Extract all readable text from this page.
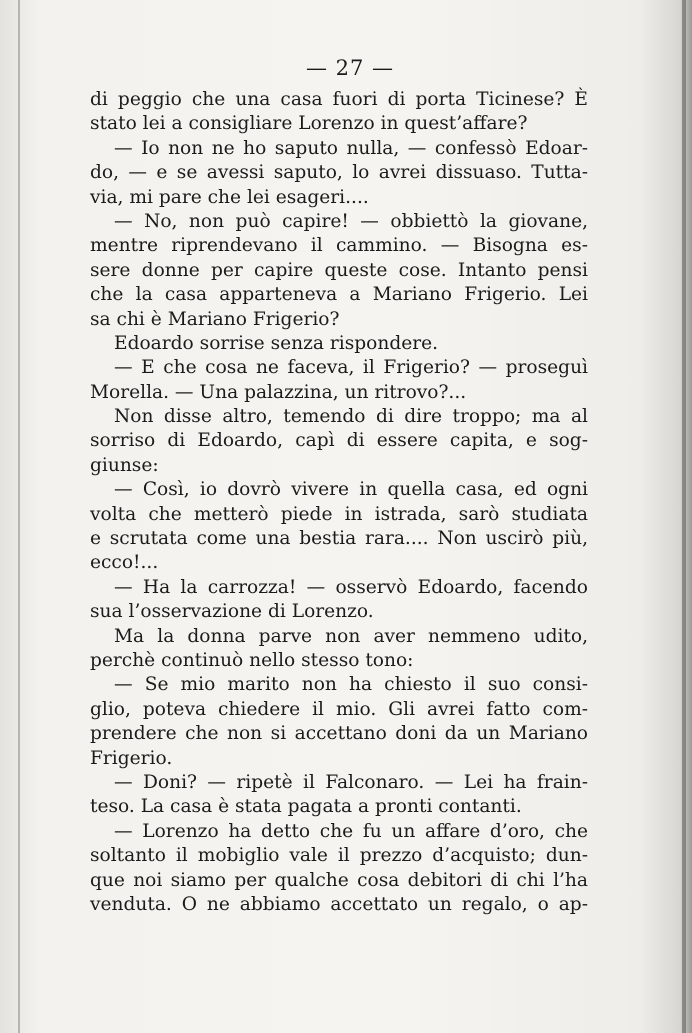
— 27 —
di peggio che una casa fuori di porta Ticinese? È
stato lei a consigliare Lorenzo in quest’affare?
— Io non ne ho saputo nulla, — confessò Edoar-
do, — e se avessi saputo, lo avrei dissuaso. Tutta-
via, mi pare che lei esageri....
— No, non può capire! — obbiettò la giovane,
mentre riprendevano il cammino. — Bisogna es-
sere donne per capire queste cose. Intanto pensi
che la casa apparteneva a Mariano Frigerio. Lei
sa chi è Mariano Frigerio?
Edoardo sorrise senza rispondere.
— E che cosa ne faceva, il Frigerio? — proseguì
Morella. — Una palazzina, un ritrovo?...
Non disse altro, temendo di dire troppo; ma al
sorriso di Edoardo, capì di essere capita, e sog-
giunse:
— Così, io dovrò vivere in quella casa, ed ogni
volta che metterò piede in istrada, sarò studiata
e scrutata come una bestia rara.... Non uscirò più,
ecco!...
— Ha la carrozza! — osservò Edoardo, facendo
sua l’osservazione di Lorenzo.
Ma la donna parve non aver nemmeno udito,
perchè continuò nello stesso tono:
— Se mio marito non ha chiesto il suo consi-
glio, poteva chiedere il mio. Gli avrei fatto com-
prendere che non si accettano doni da un Mariano
Frigerio.
— Doni? — ripetè il Falconaro. — Lei ha frain-
teso. La casa è stata pagata a pronti contanti.
— Lorenzo ha detto che fu un affare d’oro, che
soltanto il mobiglio vale il prezzo d’acquisto; dun-
que noi siamo per qualche cosa debitori di chi l’ha
venduta. O ne abbiamo accettato un regalo, o ap-
